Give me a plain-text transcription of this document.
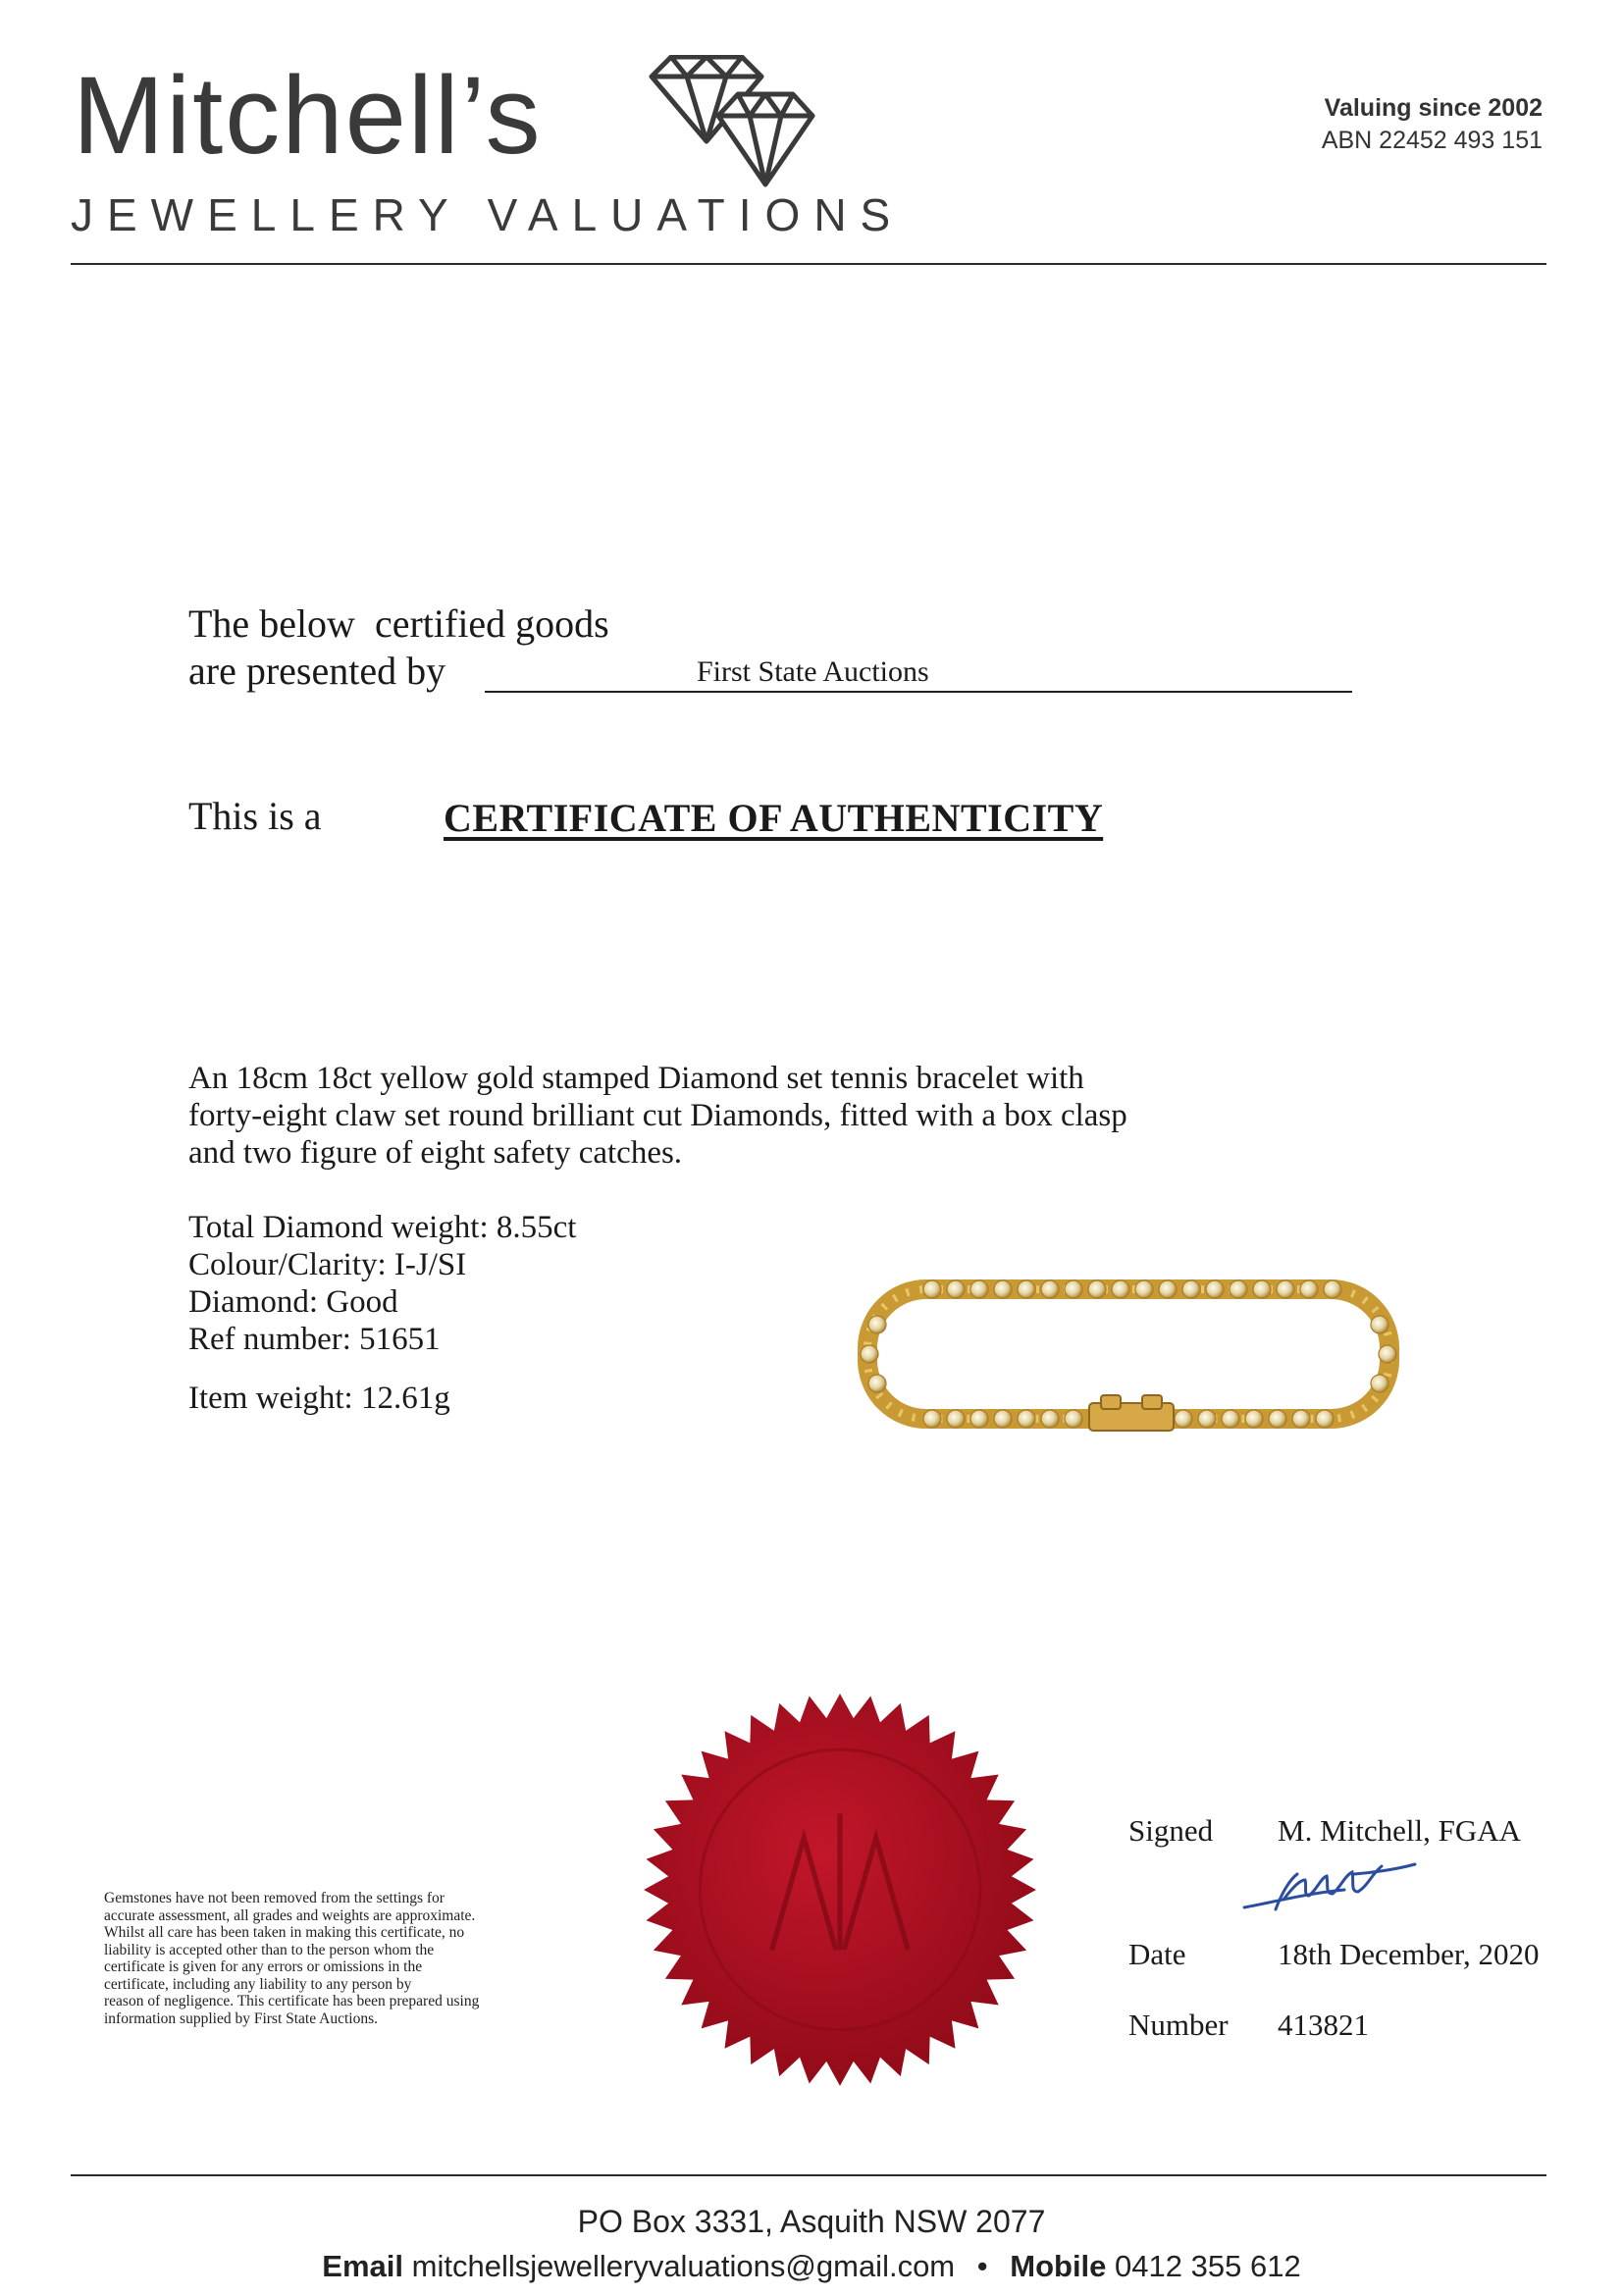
Mitchell’s
JEWELLERY VALUATIONS
Valuing since 2002
ABN 22452 493 151
The below  certified goods
are presented by	First State Auctions
This is a	CERTIFICATE OF AUTHENTICITY
An 18cm 18ct yellow gold stamped Diamond set tennis bracelet with
forty-eight claw set round brilliant cut Diamonds, fitted with a box clasp
and two figure of eight safety catches.
Total Diamond weight: 8.55ct
Colour/Clarity: I-J/SI
Diamond: Good
Ref number: 51651
Item weight: 12.61g
Gemstones have not been removed from the settings for
accurate assessment, all grades and weights are approximate.
Whilst all care has been taken in making this certificate, no
liability is accepted other than to the person whom the
certificate is given for any errors or omissions in the
certificate, including any liability to any person by
reason of negligence. This certificate has been prepared using
information supplied by First State Auctions.
Signed M. Mitchell, FGAA
Date	18th December, 2020
Number 413821
PO Box 3331, Asquith NSW 2077
Email mitchellsjewelleryvaluations@gmail.com • Mobile 0412 355 612
